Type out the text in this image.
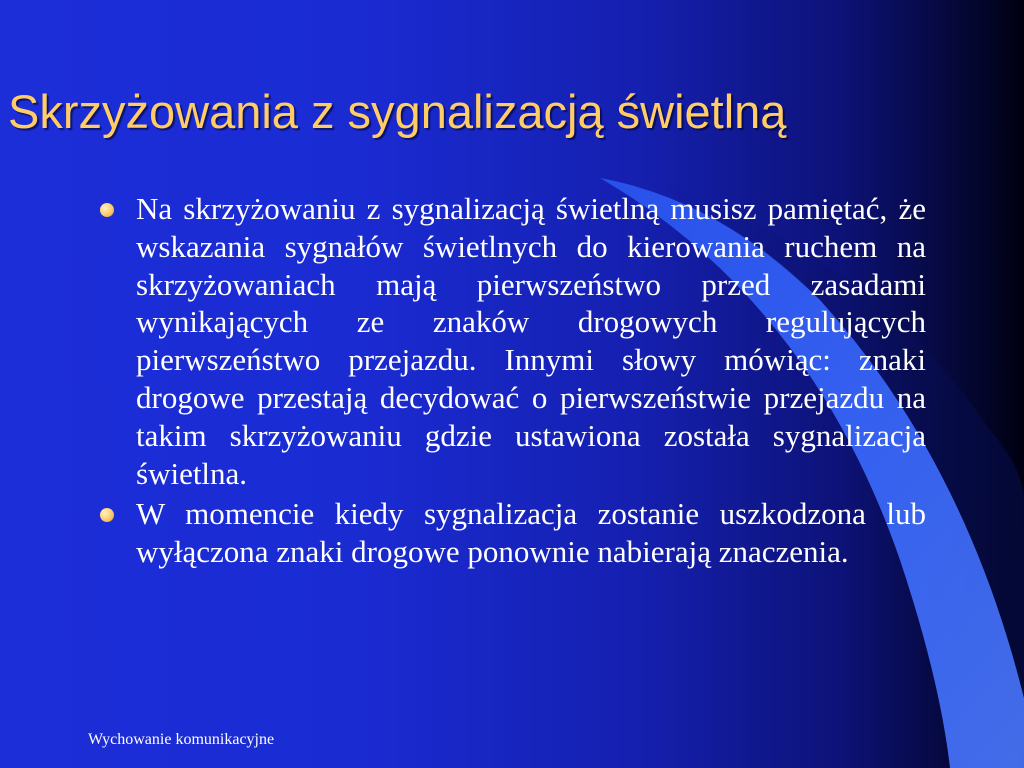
Skrzyżowania z sygnalizacją świetlną
Na skrzyżowaniu z sygnalizacją świetlną musisz pamiętać, że wskazania sygnałów świetlnych do kierowania ruchem na skrzyżowaniach mają pierwszeństwo przed zasadami wynikających ze znaków drogowych regulujących pierwszeństwo przejazdu. Innymi słowy mówiąc: znaki drogowe przestają decydować o pierwszeństwie przejazdu na takim skrzyżowaniu gdzie ustawiona została sygnalizacja świetlna.
W momencie kiedy sygnalizacja zostanie uszkodzona lub wyłączona znaki drogowe ponownie nabierają znaczenia.
Wychowanie komunikacyjne
